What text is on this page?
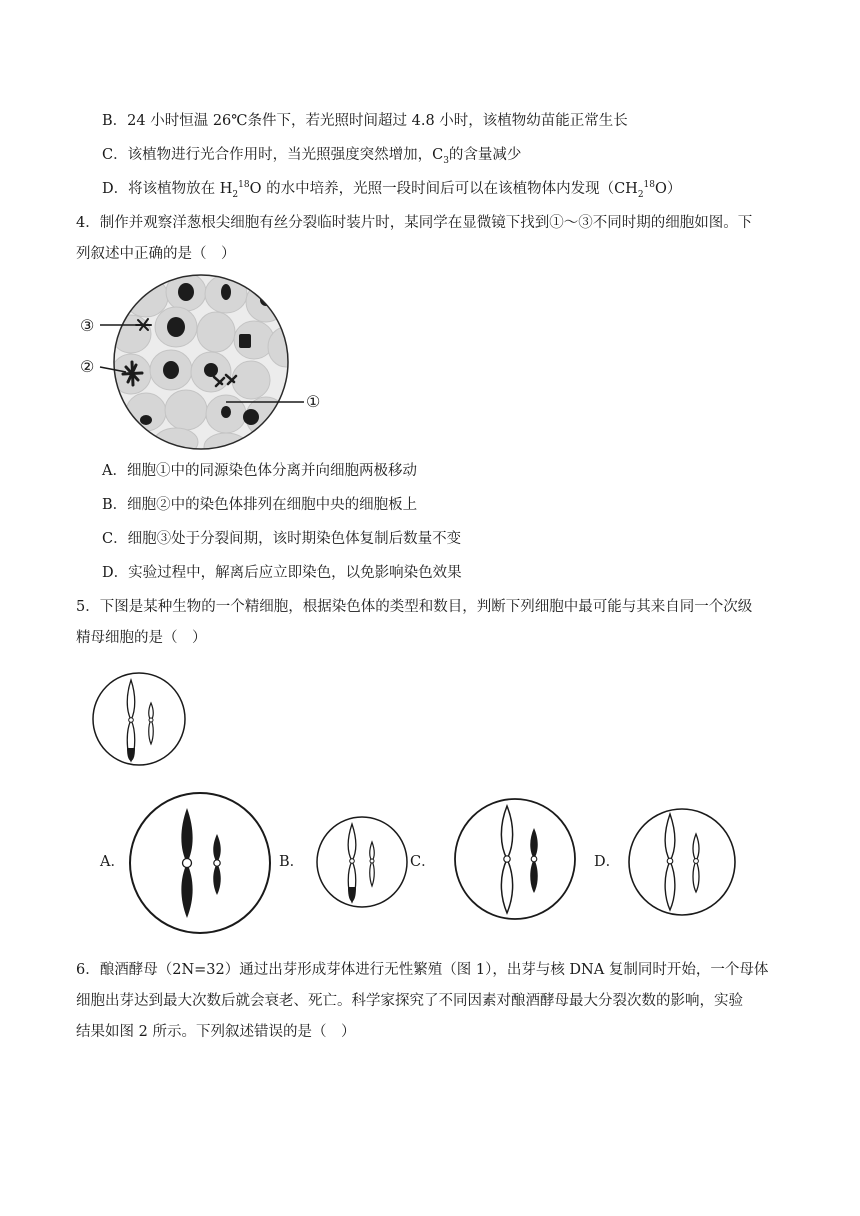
B．24 小时恒温 26℃条件下，若光照时间超过 4.8 小时，该植物幼苗能正常生长
C．该植物进行光合作用时，当光照强度突然增加，$C_3$的含量减少
D．将该植物放在 $H_2^{18}O$ 的水中培养，光照一段时间后可以在该植物体内发现$(CH_2^{18}O)$
4．制作并观察洋葱根尖细胞有丝分裂临时装片时，某同学在显微镜下找到①～③不同时期的细胞如图。下
列叙述中正确的是（　）
③
②
①
A．细胞①中的同源染色体分离并向细胞两极移动
B．细胞②中的染色体排列在细胞中央的细胞板上
C．细胞③处于分裂间期，该时期染色体复制后数量不变
D．实验过程中，解离后应立即染色，以免影响染色效果
5．下图是某种生物的一个精细胞，根据染色体的类型和数目，判断下列细胞中最可能与其来自同一个次级
精母细胞的是（　）
A．	B．	C．	D．
6．酿酒酵母（2N=32）通过出芽形成芽体进行无性繁殖（图 1），出芽与核 DNA 复制同时开始，一个母体
细胞出芽达到最大次数后就会衰老、死亡。科学家探究了不同因素对酿酒酵母最大分裂次数的影响，实验
结果如图 2 所示。下列叙述错误的是（　）
